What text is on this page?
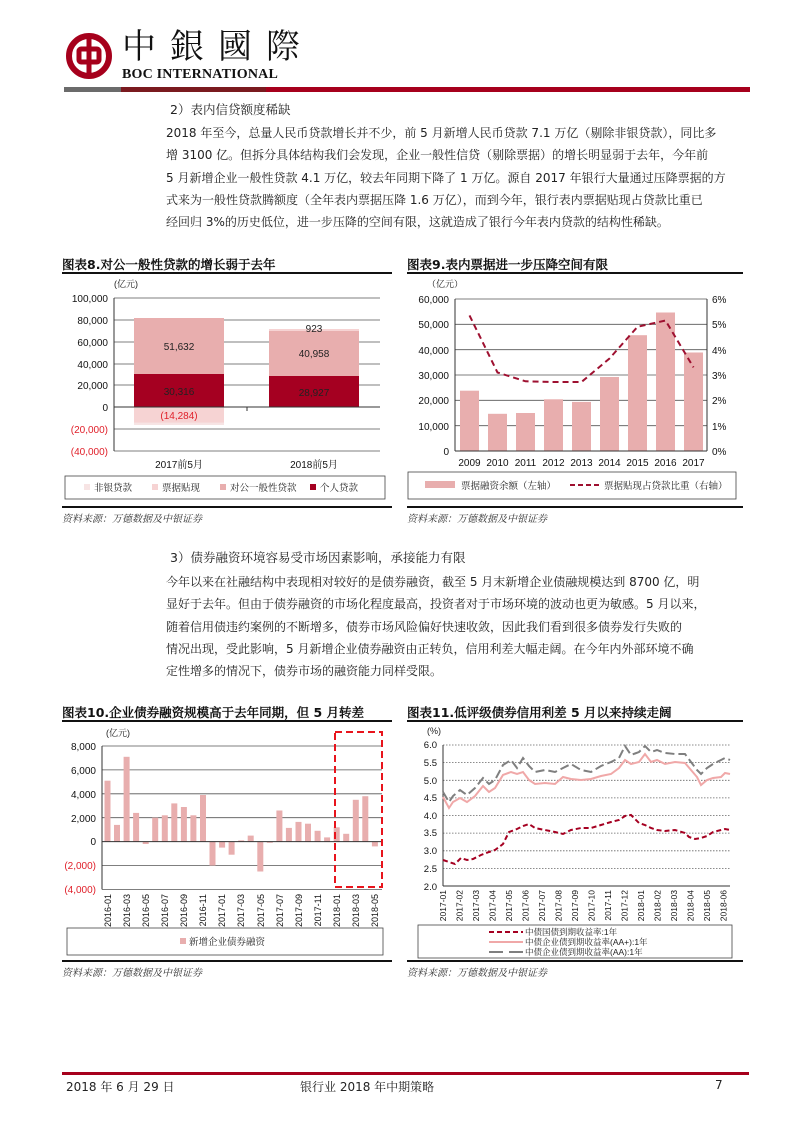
中銀國際
BOC INTERNATIONAL
2）表内信贷额度稀缺

2018 年至今，总量人民币贷款增长并不少，前 5 月新增人民币贷款 7.1 万亿（剔除非银贷款），同比多

增 3100 亿。但拆分具体结构我们会发现，企业一般性信贷（剔除票据）的增长明显弱于去年，今年前

5 月新增企业一般性贷款 4.1 万亿，较去年同期下降了 1 万亿。源自 2017 年银行大量通过压降票据的方

式来为一般性贷款腾额度（全年表内票据压降 1.6 万亿），而到今年，银行表内票据贴现占贷款比重已

经回归 3%的历史低位，进一步压降的空间有限，这就造成了银行今年表内贷款的结构性稀缺。

图表8.对公一般性贷款的增长弱于去年
(亿元)
100,000
80,000
60,000
40,000
20,000
0
(20,000)
(40,000)
51,632
30,316
(14,284)
923
40,958
28,927
2017前5月	2018前5月
非银贷款	票据贴现	对公一般性贷款 个人贷款
资料来源：万德数据及中银证券
图表9.表内票据进一步压降空间有限
（亿元）
60,000
50,000
40,000
30,000
20,000
10,000
0
6%
5%
4%
3%
2%
1%
0%
2009 2010 2011 2012 2013 2014 2015 2016 2017
票据融资余额（左轴）	票据贴现占贷款比重（右轴）
资料来源：万德数据及中银证券
3）债券融资环境容易受市场因素影响，承接能力有限

今年以来在社融结构中表现相对较好的是债券融资，截至 5 月末新增企业债融规模达到 8700 亿，明

显好于去年。但由于债券融资的市场化程度最高，投资者对于市场环境的波动也更为敏感。5 月以来，

随着信用债违约案例的不断增多，债券市场风险偏好快速收敛，因此我们看到很多债券发行失败的

情况出现，受此影响，5 月新增企业债券融资由正转负，信用利差大幅走阔。在今年内外部环境不确

定性增多的情况下，债券市场的融资能力同样受限。

图表10.企业债券融资规模高于去年同期，但 5 月转差
(亿元)
8,000
6,000
4,000
2,000
0
(2,000)
(4,000)
2016-01 2016-03 2016-05 2016-07 2016-09 2016-11 2017-01 2017-03 2017-05 2017-07 2017-09 2017-11 2018-01 2018-03 2018-05
新增企业债券融资
资料来源：万德数据及中银证券
图表11.低评级债券信用利差 5 月以来持续走阔
(%)
6.0
5.5
5.0
4.5
4.0
3.5
3.0
2.5
2.0
2017-01 2017-02 2017-03 2017-04 2017-05 2017-06 2017-07 2017-08 2017-09 2017-10 2017-11 2017-12 2018-01 2018-02 2018-03 2018-04 2018-05 2018-06
中债国债到期收益率:1年
中债企业债到期收益率(AA+):1年
中债企业债到期收益率(AA):1年
资料来源：万德数据及中银证券
2018 年 6 月 29 日	银行业 2018 年中期策略	7
